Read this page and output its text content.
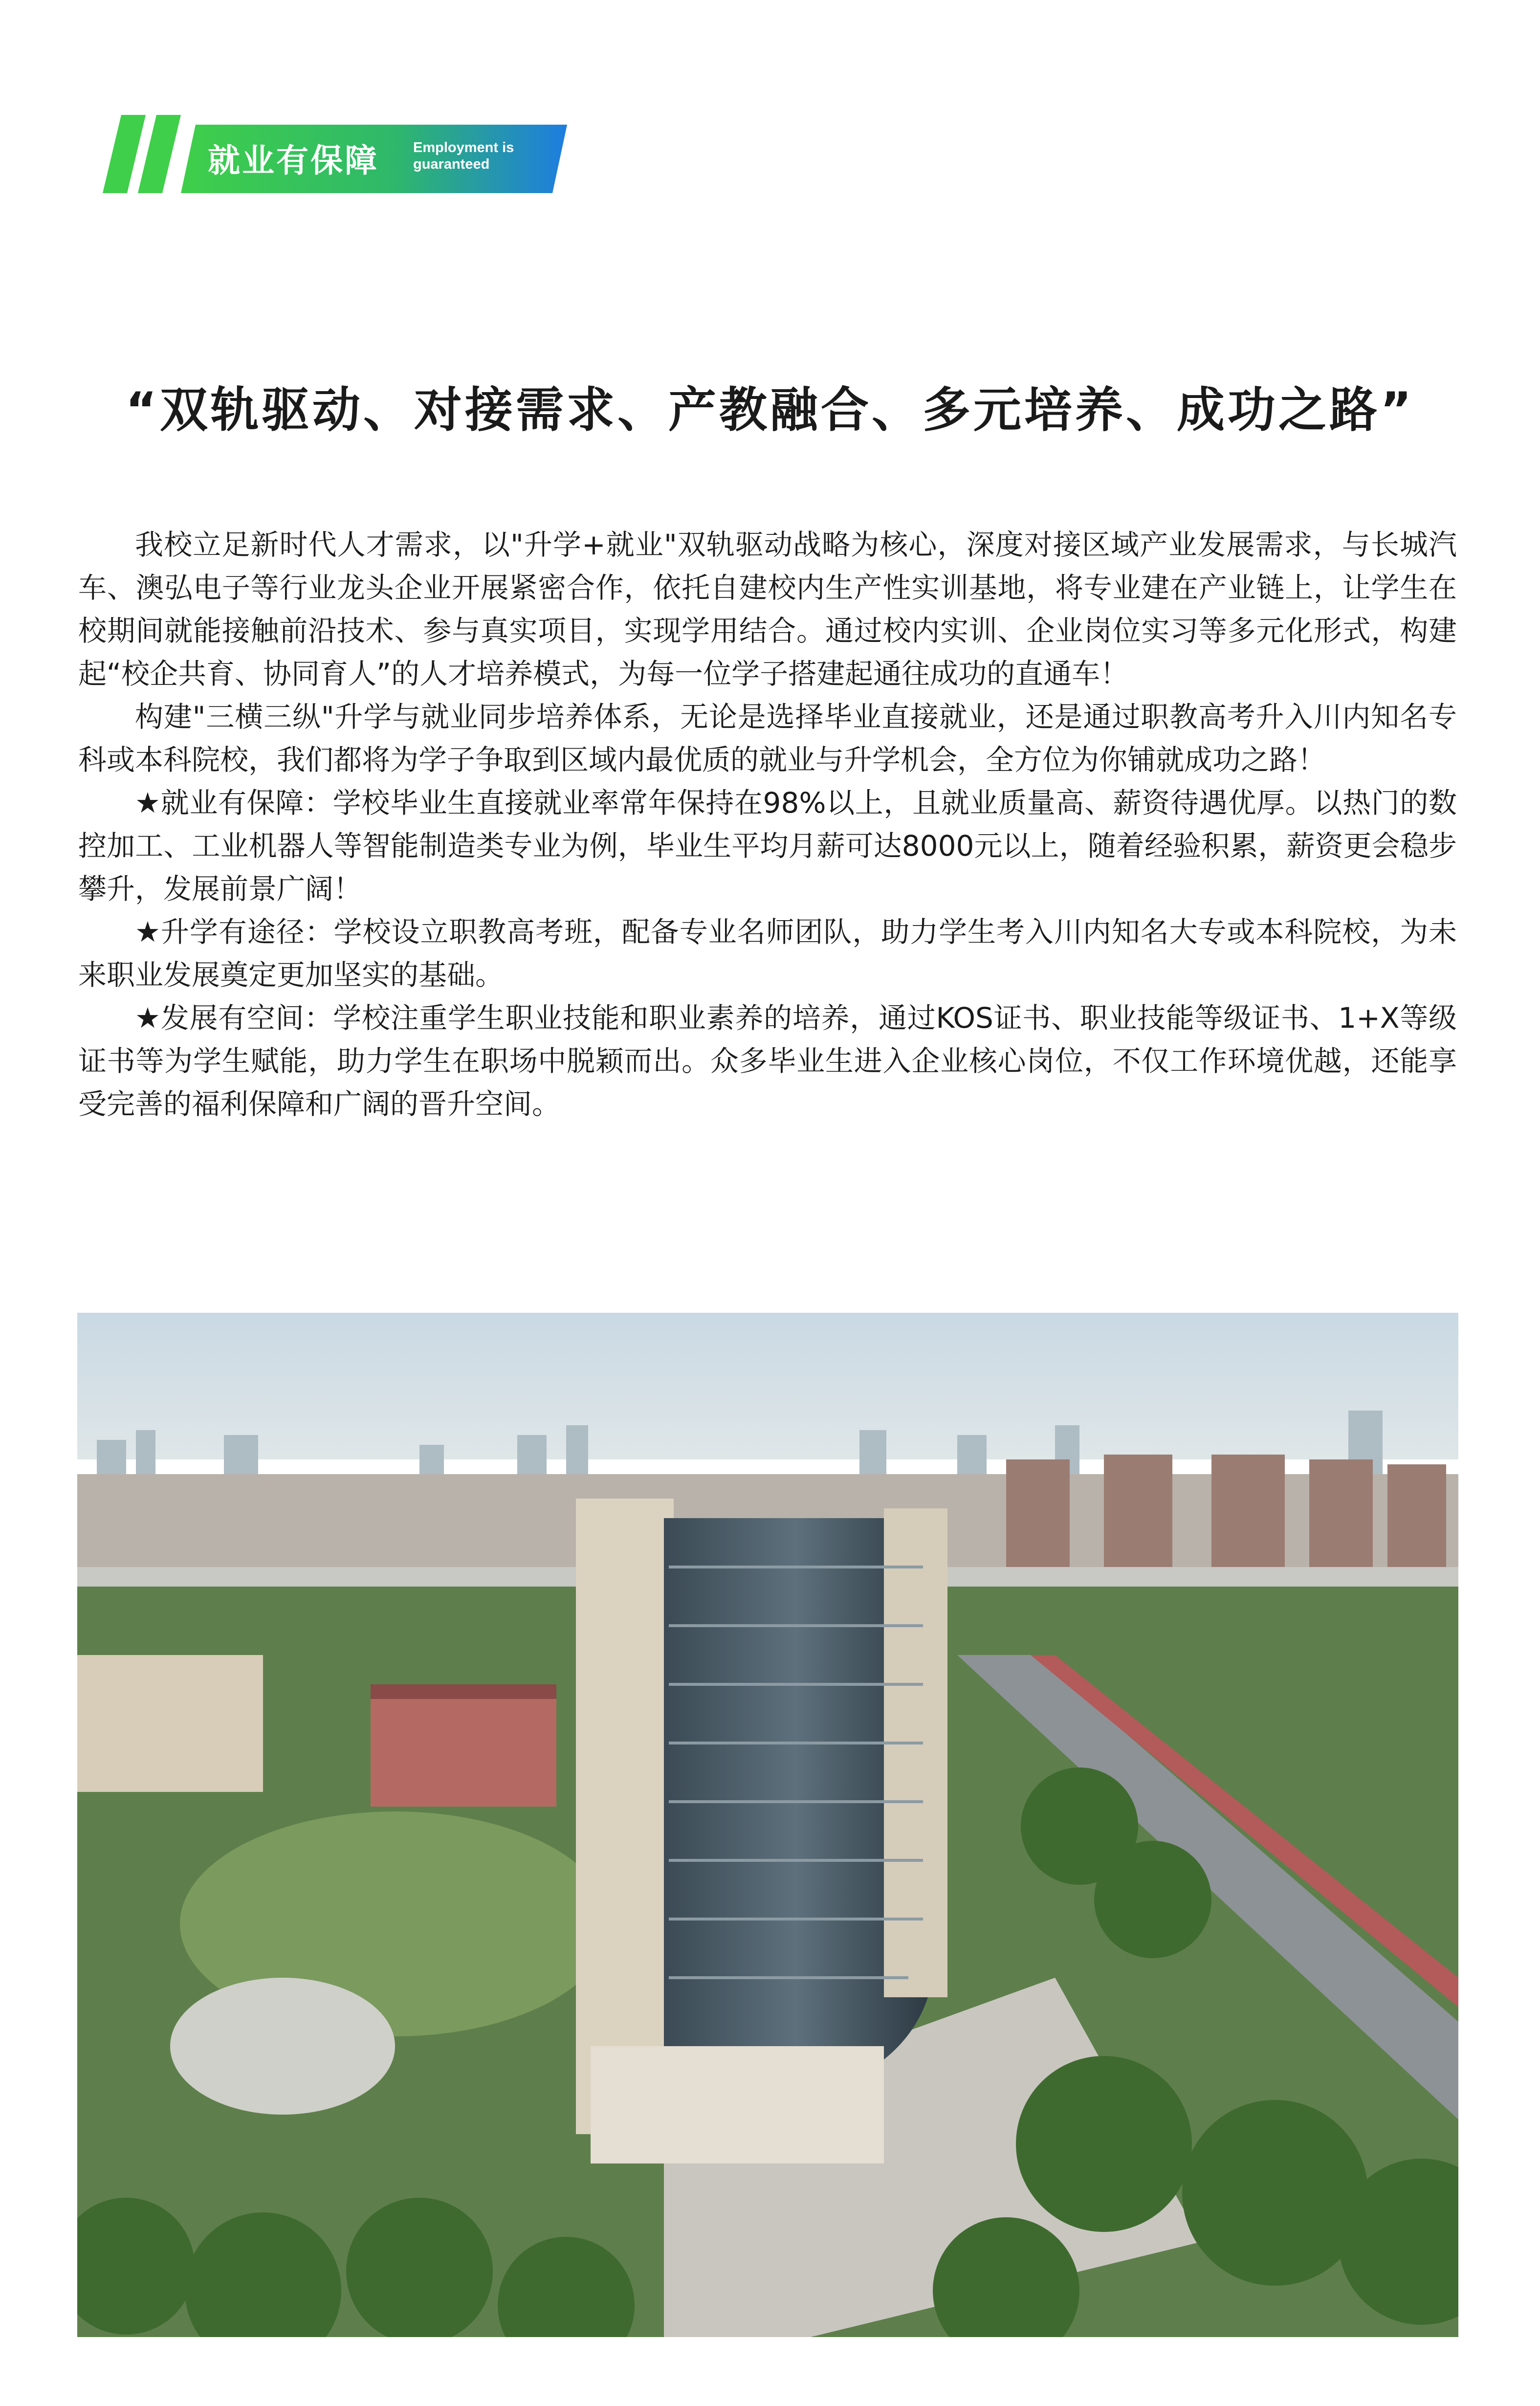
就业有保障 Employment is
guaranteed
“双轨驱动、对接需求、产教融合、多元培养、成功之路”

我校立足新时代人才需求，以"升学+就业"双轨驱动战略为核心，深度对接区域产业发展需求，与长城汽车、澳弘电子等行业龙头企业开展紧密合作，依托自建校内生产性实训基地，将专业建在产业链上，让学生在校期间就能接触前沿技术、参与真实项目，实现学用结合。通过校内实训、企业岗位实习等多元化形式，构建起“校企共育、协同育人”的人才培养模式，为每一位学子搭建起通往成功的直通车！

构建"三横三纵"升学与就业同步培养体系，无论是选择毕业直接就业，还是通过职教高考升入川内知名专科或本科院校，我们都将为学子争取到区域内最优质的就业与升学机会，全方位为你铺就成功之路！

★就业有保障：学校毕业生直接就业率常年保持在98%以上，且就业质量高、薪资待遇优厚。以热门的数控加工、工业机器人等智能制造类专业为例，毕业生平均月薪可达8000元以上，随着经验积累，薪资更会稳步攀升，发展前景广阔！

★升学有途径：学校设立职教高考班，配备专业名师团队，助力学生考入川内知名大专或本科院校，为未来职业发展奠定更加坚实的基础。

★发展有空间：学校注重学生职业技能和职业素养的培养，通过KOS证书、职业技能等级证书、1+X等级证书等为学生赋能，助力学生在职场中脱颖而出。众多毕业生进入企业核心岗位，不仅工作环境优越，还能享受完善的福利保障和广阔的晋升空间。
